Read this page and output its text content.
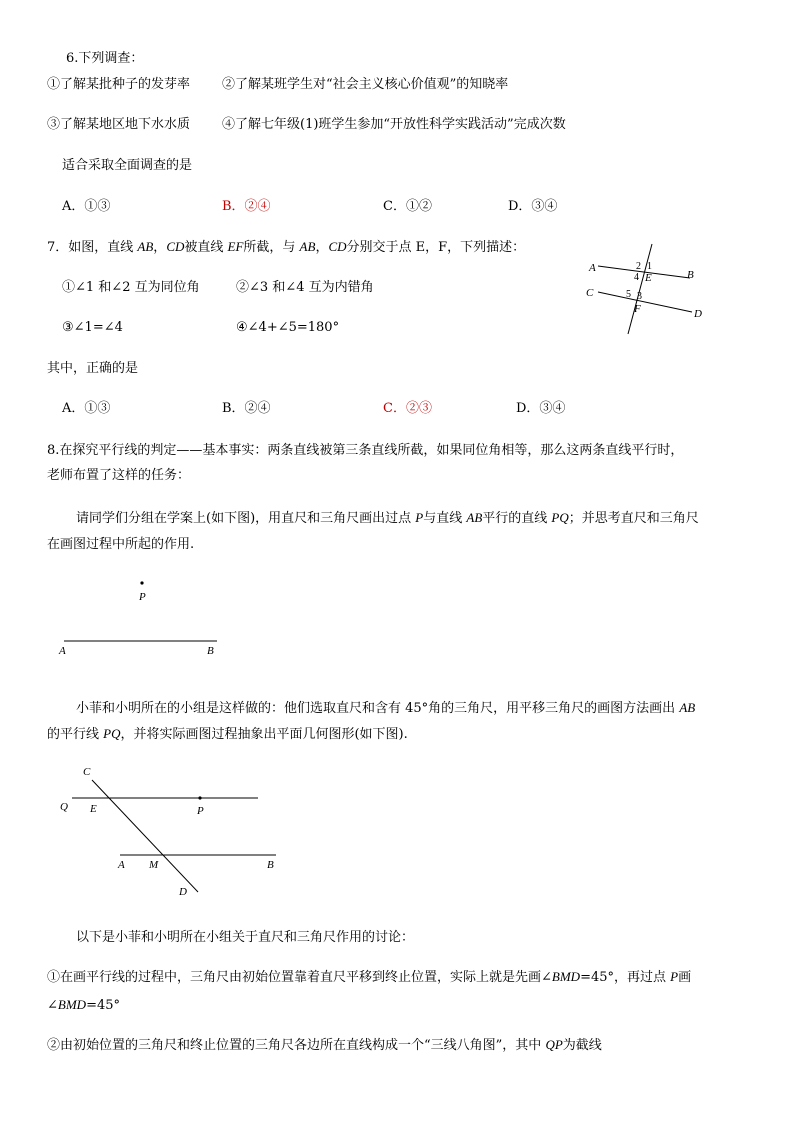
6.下列调查：
①了解某批种子的发芽率 ②了解某班学生对“社会主义核心价值观”的知晓率
③了解某地区地下水水质 ④了解七年级(1)班学生参加“开放性科学实践活动”完成次数
适合采取全面调查的是
A．①③	B．②④	C．①②	D．③④
7．如图，直线 AB，CD被直线 EF所截，与 AB，CD分别交于点 E，F，下列描述：
①∠1 和∠2 互为同位角	②∠3 和∠4 互为内错角
③∠1=∠4	④∠4+∠5=180°
其中，正确的是
A．①③	B．②④	C．②③	D．③④
A
B
C
D
E
F
1
2
3
4
5
8.在探究平行线的判定——基本事实：两条直线被第三条直线所截，如果同位角相等，那么这两条直线平行时，
老师布置了这样的任务：
请同学们分组在学案上(如下图)，用直尺和三角尺画出过点 P与直线 AB平行的直线 PQ；并思考直尺和三角尺
在画图过程中所起的作用.
P
A	B
小菲和小明所在的小组是这样做的：他们选取直尺和含有 45°角的三角尺，用平移三角尺的画图方法画出 AB
的平行线 PQ，并将实际画图过程抽象出平面几何图形(如下图).
C
Q E	P
A M	B
D
以下是小菲和小明所在小组关于直尺和三角尺作用的讨论：
①在画平行线的过程中，三角尺由初始位置靠着直尺平移到终止位置，实际上就是先画∠BMD=45°，再过点 P画
∠BMD=45°
②由初始位置的三角尺和终止位置的三角尺各边所在直线构成一个“三线八角图”，其中 QP为截线
